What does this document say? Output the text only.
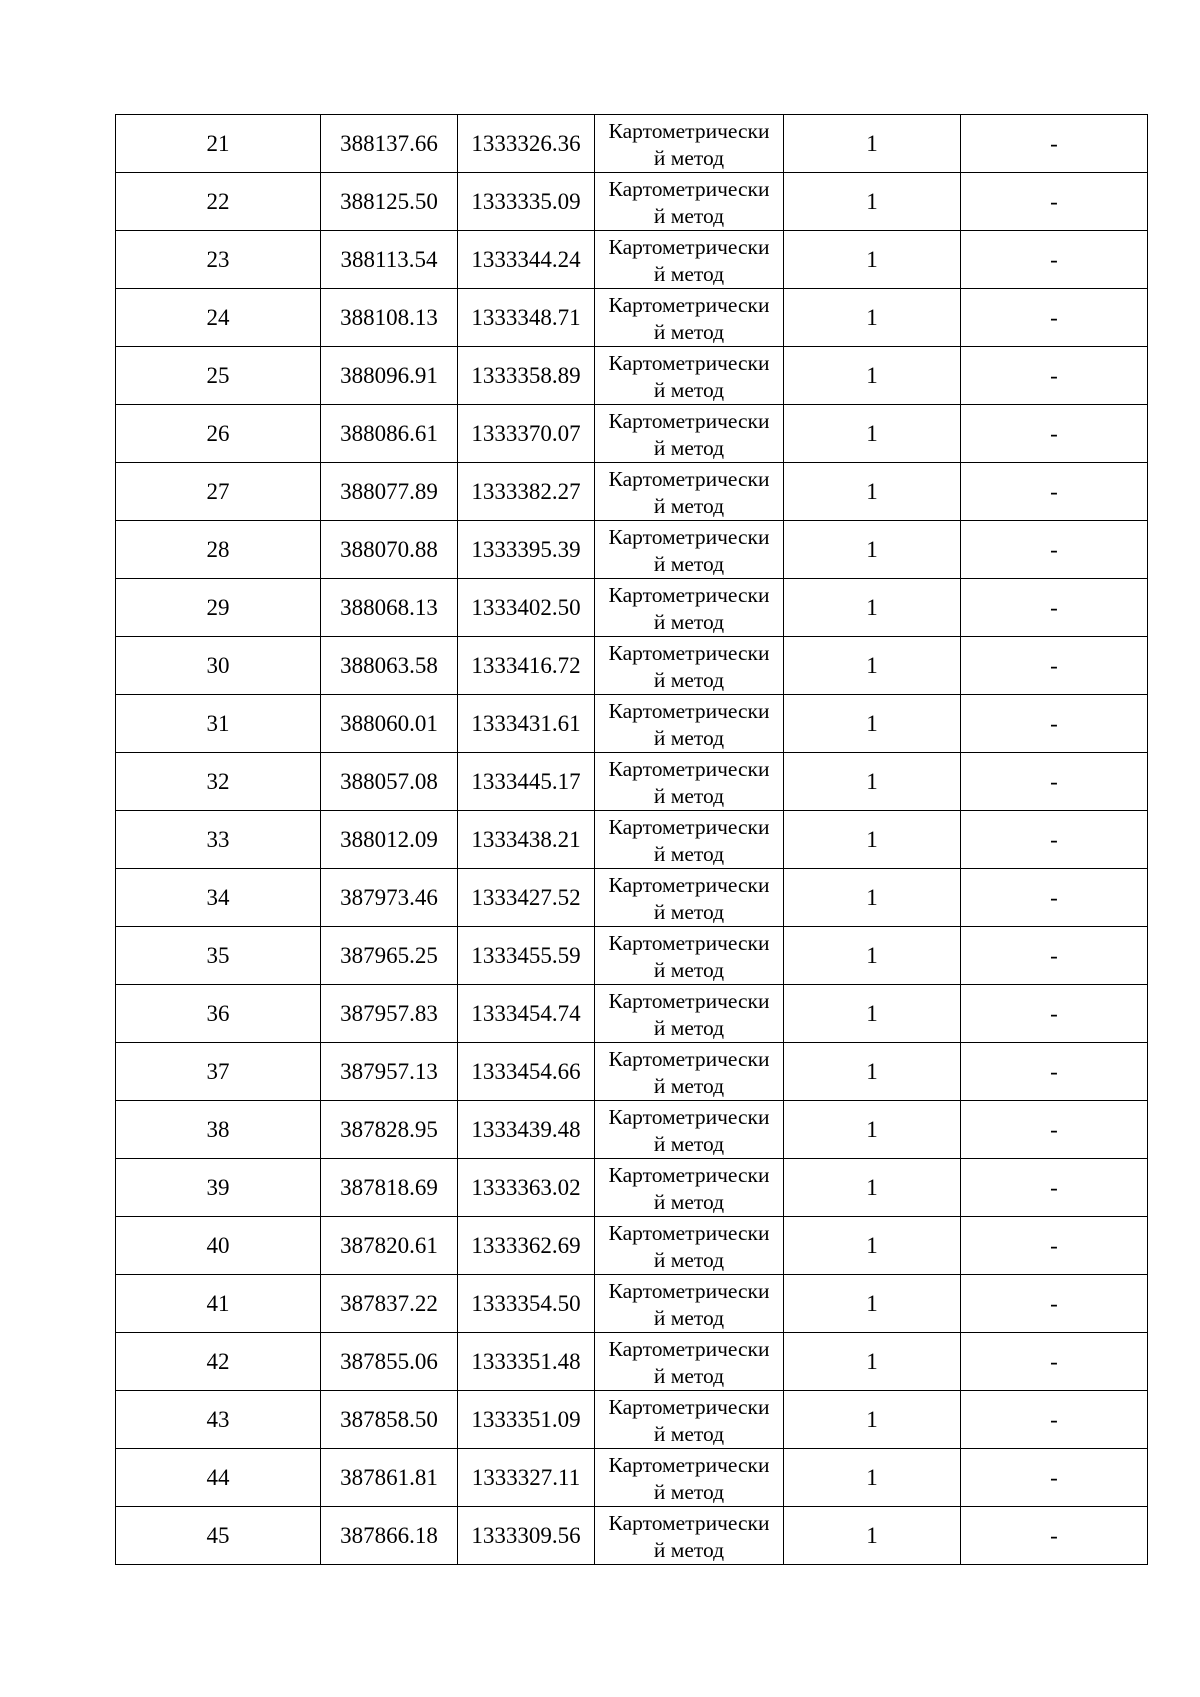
21	388137.66	1333326.36	Картометрически
й метод	1	-
22	388125.50	1333335.09	Картометрически
й метод	1	-
23	388113.54	1333344.24	Картометрически
й метод	1	-
24	388108.13	1333348.71	Картометрически
й метод	1	-
25	388096.91	1333358.89	Картометрически
й метод	1	-
26	388086.61	1333370.07	Картометрически
й метод	1	-
27	388077.89	1333382.27	Картометрически
й метод	1	-
28	388070.88	1333395.39	Картометрически
й метод	1	-
29	388068.13	1333402.50	Картометрически
й метод	1	-
30	388063.58	1333416.72	Картометрически
й метод	1	-
31	388060.01	1333431.61	Картометрически
й метод	1	-
32	388057.08	1333445.17	Картометрически
й метод	1	-
33	388012.09	1333438.21	Картометрически
й метод	1	-
34	387973.46	1333427.52	Картометрически
й метод	1	-
35	387965.25	1333455.59	Картометрически
й метод	1	-
36	387957.83	1333454.74	Картометрически
й метод	1	-
37	387957.13	1333454.66	Картометрически
й метод	1	-
38	387828.95	1333439.48	Картометрически
й метод	1	-
39	387818.69	1333363.02	Картометрически
й метод	1	-
40	387820.61	1333362.69	Картометрически
й метод	1	-
41	387837.22	1333354.50	Картометрически
й метод	1	-
42	387855.06	1333351.48	Картометрически
й метод	1	-
43	387858.50	1333351.09	Картометрически
й метод	1	-
44	387861.81	1333327.11	Картометрически
й метод	1	-
45	387866.18	1333309.56	Картометрически
й метод	1	-
